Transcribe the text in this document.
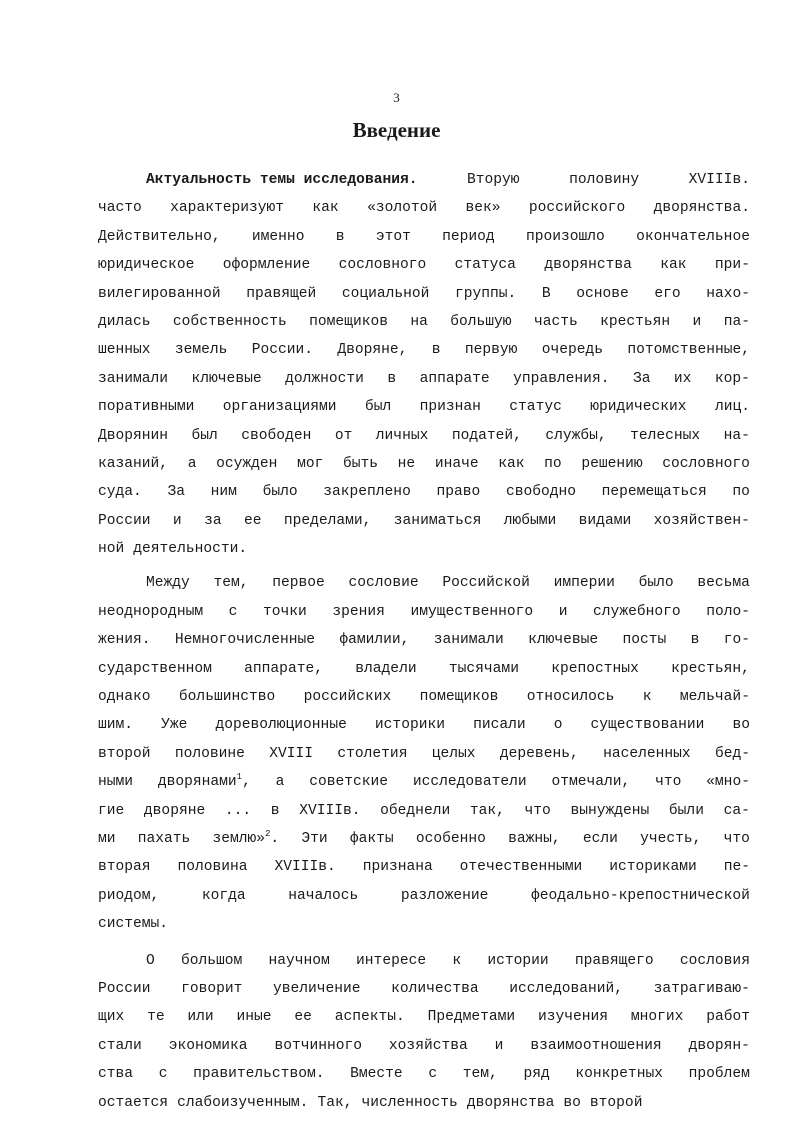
3
Введение
Актуальность темы исследования.	Вторую	половину	XVIIIв.
часто характеризуют как «золотой век» российского дворянства.
Действительно, именно в этот период произошло окончательное
юридическое оформление сословного статуса дворянства как при-
вилегированной правящей социальной группы. В основе его нахо-
дилась собственность помещиков на большую часть крестьян и па-
шенных земель России. Дворяне, в первую очередь потомственные,
занимали ключевые должности в аппарате управления. За их кор-
поративными организациями был признан статус юридических лиц.
Дворянин был свободен от личных податей, службы, телесных на-
казаний, а осужден мог быть не иначе как по решению сословного
суда. За ним было закреплено право свободно перемещаться по
России и за ее пределами, заниматься любыми видами хозяйствен-
ной деятельности.
Между тем, первое сословие Российской империи было весьма
неоднородным с точки зрения имущественного и служебного поло-
жения. Немногочисленные фамилии, занимали ключевые посты в го-
сударственном аппарате, владели тысячами крепостных крестьян,
однако большинство российских помещиков относилось к мельчай-
шим. Уже дореволюционные историки писали о существовании во
второй половине XVIII столетия целых деревень, населенных бед-
ными дворянами$^1$, а советские исследователи отмечали, что «мно-
гие дворяне ... в XVIIIв. обеднели так, что вынуждены были са-
ми пахать землю»$^2$. Эти факты особенно важны, если учесть, что
вторая половина XVIIIв. признана отечественными историками пе-
риодом,	когда	началось	разложение	феодально-крепостнической
системы.
О большом научном интересе к истории правящего сословия
России говорит увеличение количества исследований, затрагиваю-
щих те или иные ее аспекты. Предметами изучения многих работ
стали экономика вотчинного хозяйства и взаимоотношения дворян-
ства с правительством. Вместе с тем, ряд конкретных проблем
остается слабоизученным. Так, численность дворянства во второй
